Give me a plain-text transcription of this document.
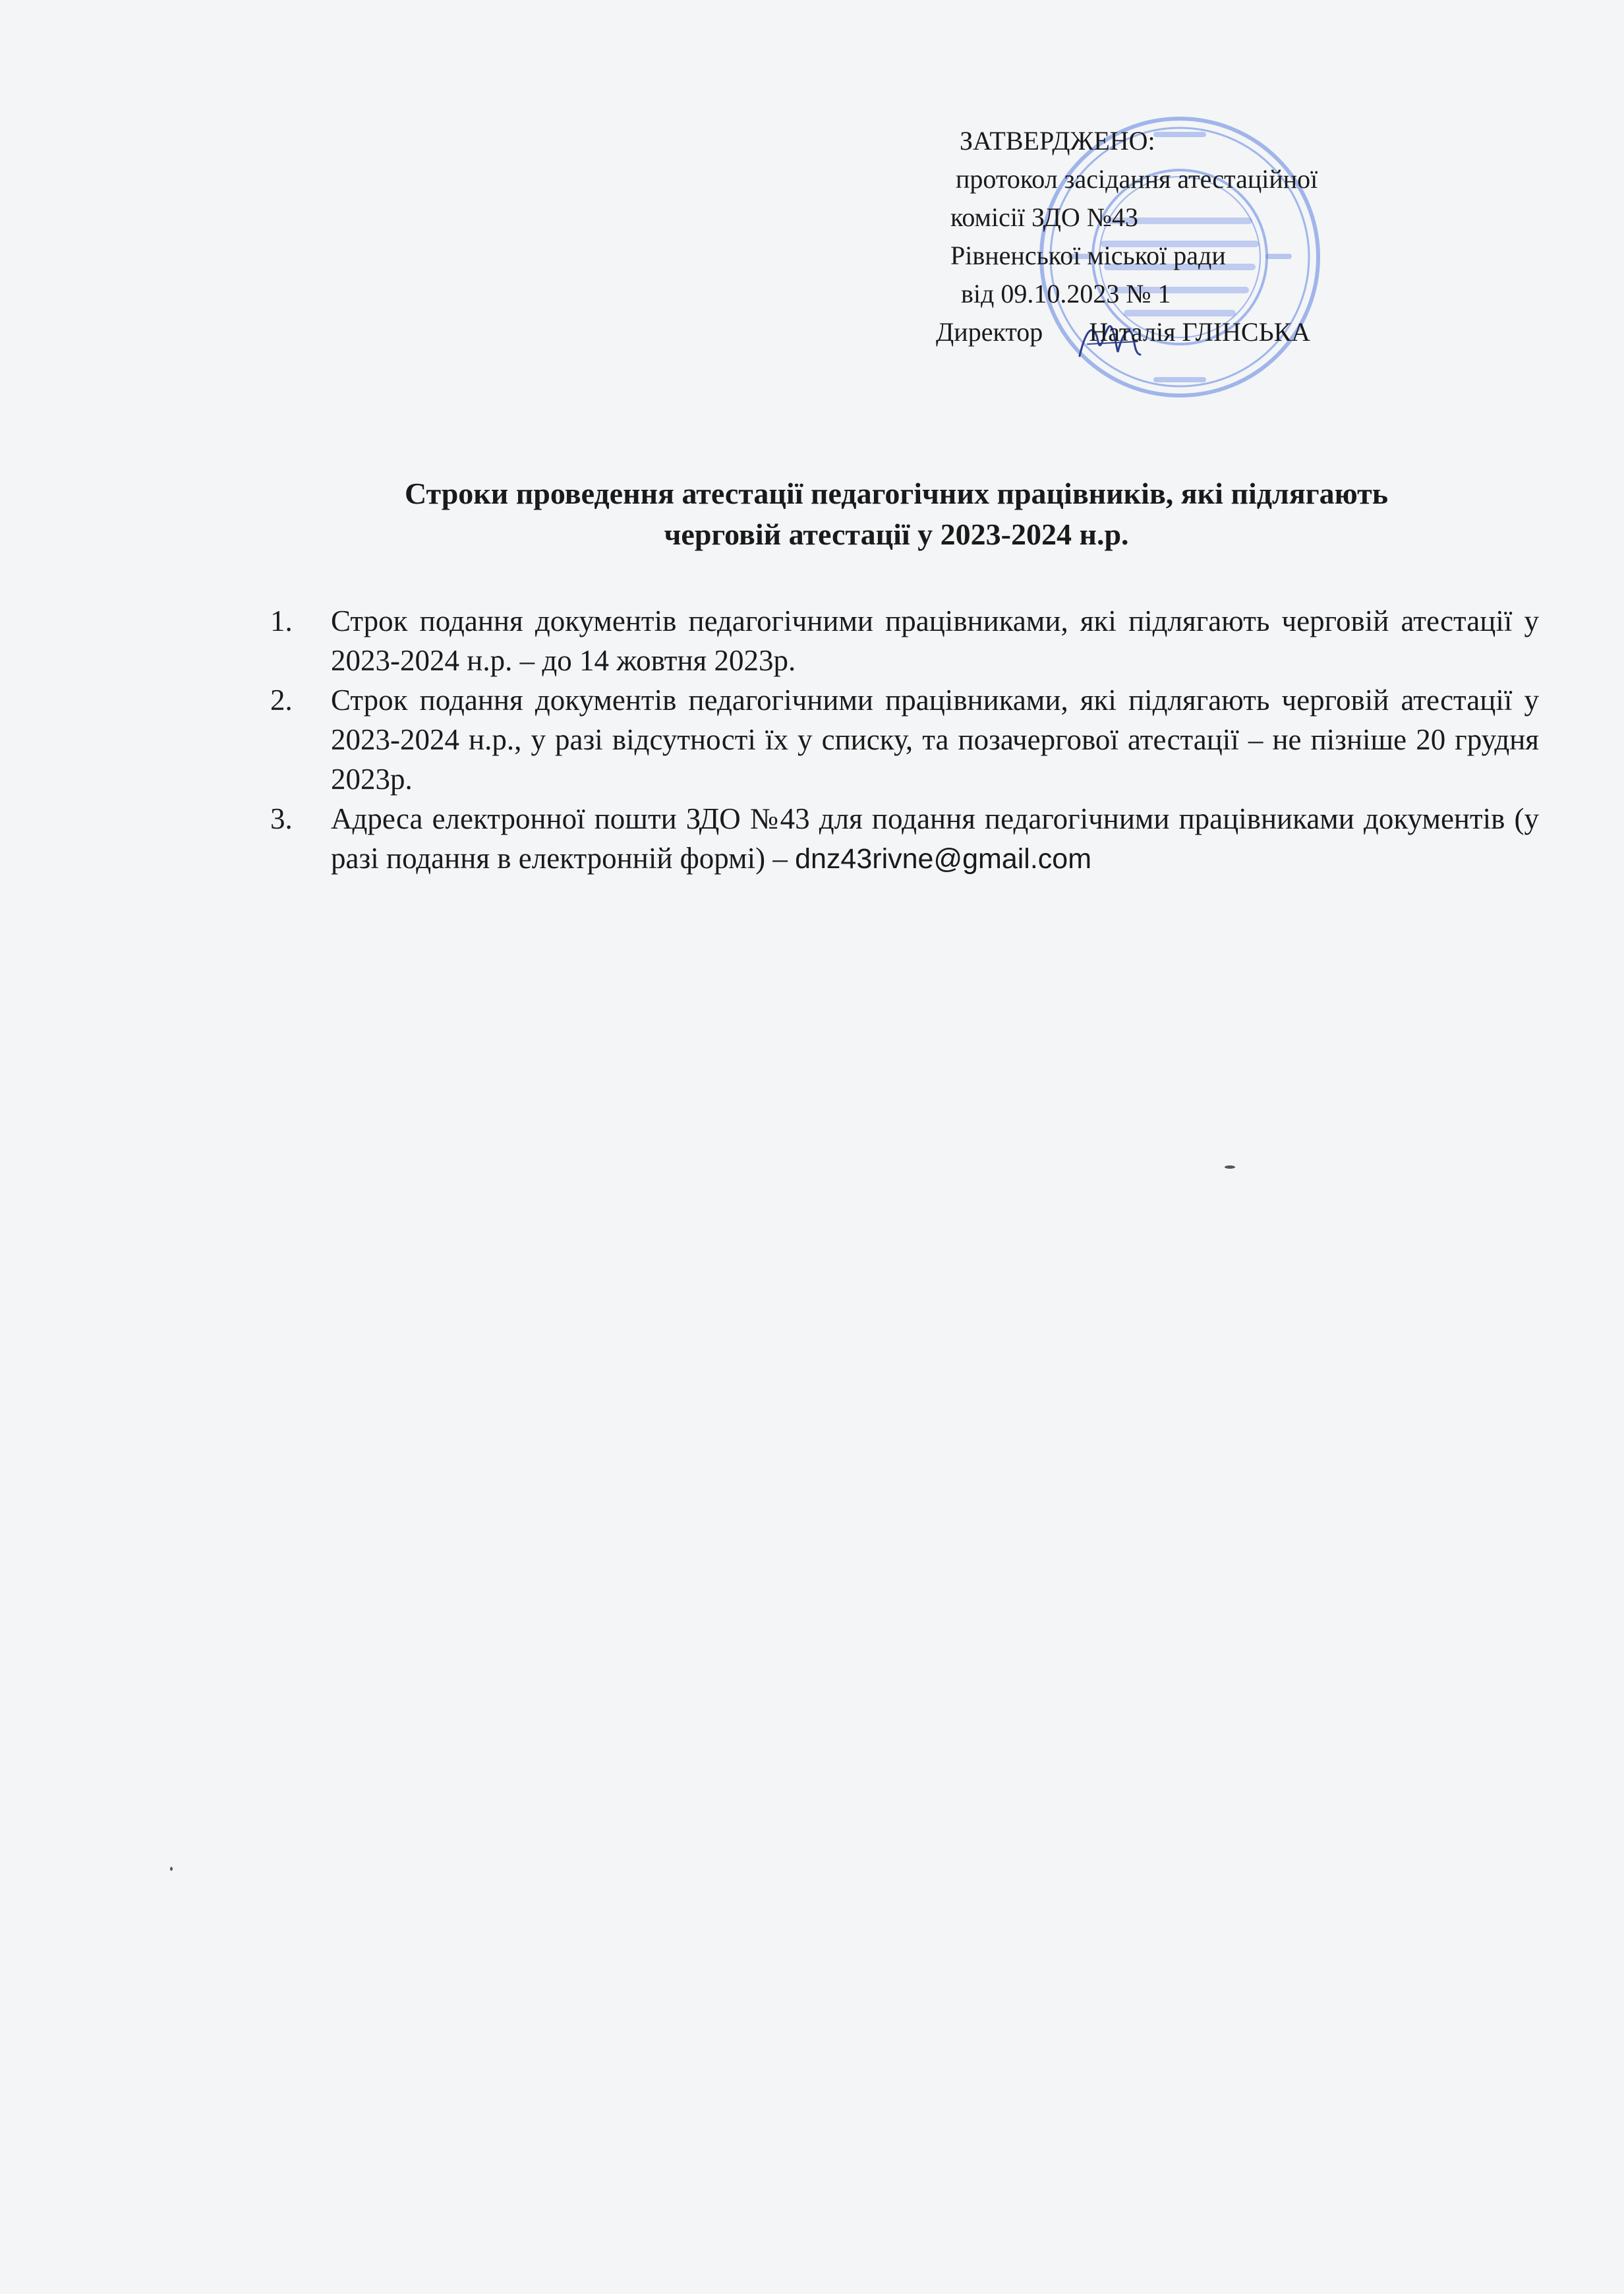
ЗАТВЕРДЖЕНО:
протокол засідання атестаційної
комісії ЗДО №43
Рівненської міської ради
від 09.10.2023 № 1
Директор Наталія ГЛІНСЬКА
Строки проведення атестації педагогічних працівників, які підлягають
черговій атестації у 2023-2024 н.р.
1. Строк подання документів педагогічними працівниками, які підлягають черговій атестації у 2023-2024 н.р. – до 14 жовтня 2023р.
2. Строк подання документів педагогічними працівниками, які підлягають черговій атестації у 2023-2024 н.р., у разі відсутності їх у списку, та позачергової атестації – не пізніше 20 грудня 2023р.
3. Адреса електронної пошти ЗДО №43 для подання педагогічними працівниками документів (у разі подання в електронній формі) – dnz43rivne@gmail.com
